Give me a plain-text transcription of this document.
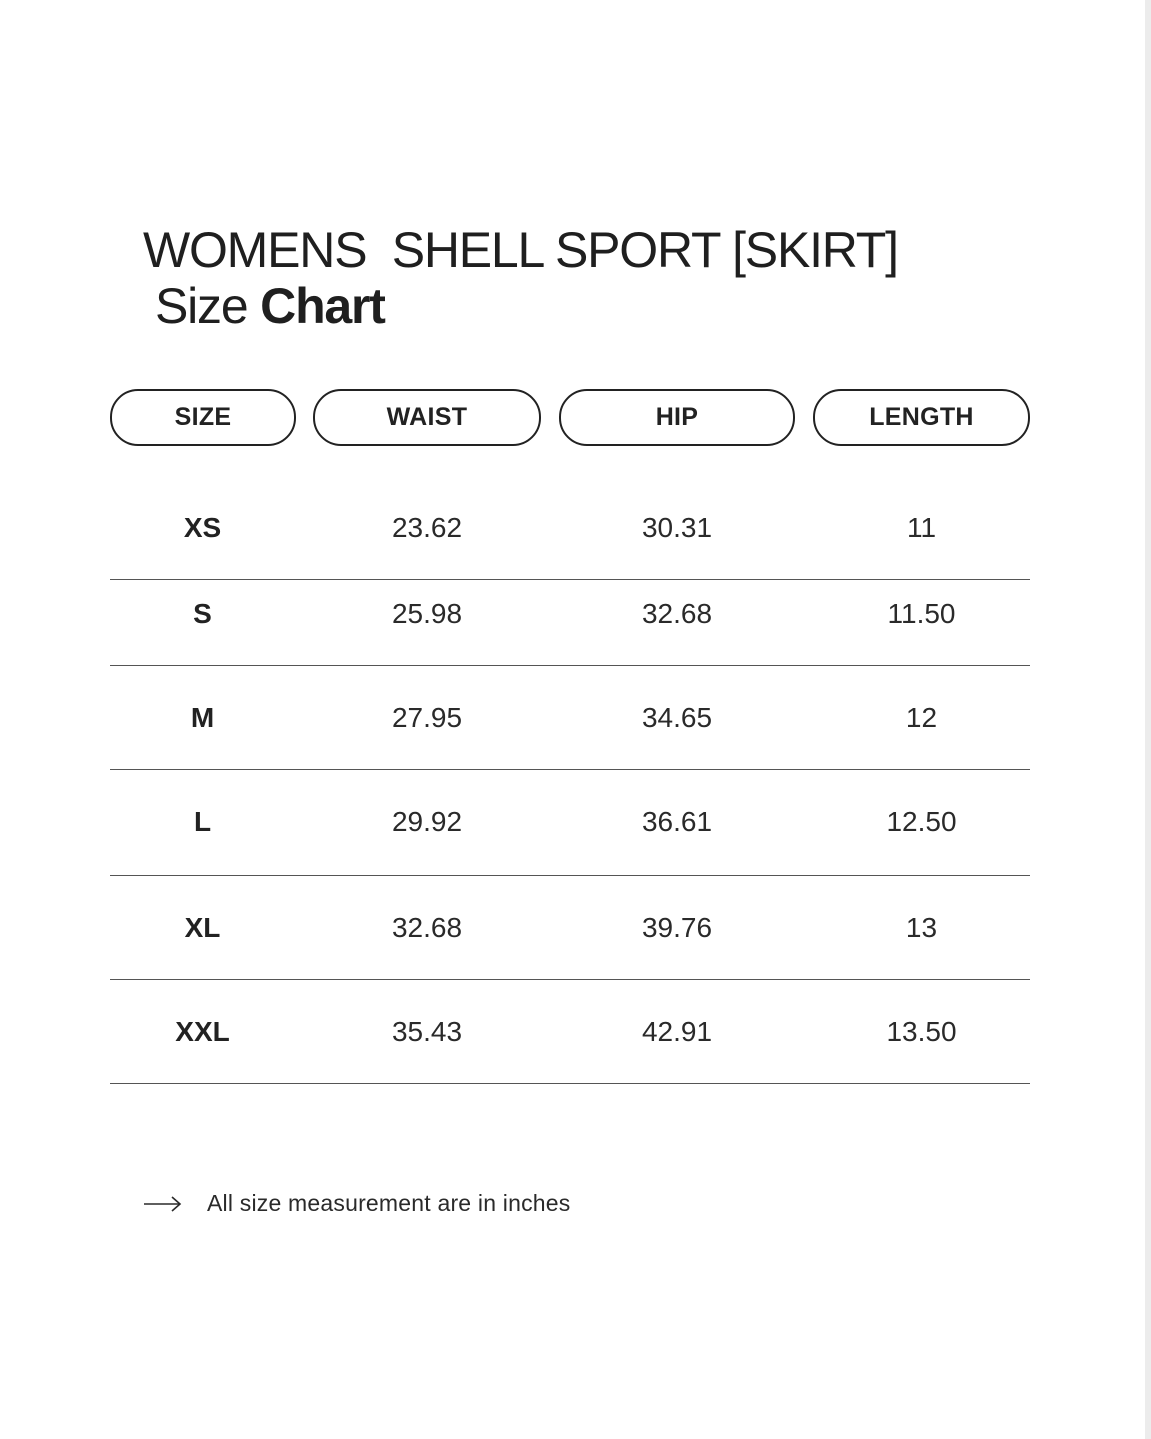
WOMENS  SHELL SPORT [SKIRT]
Size Chart
SIZE	WAIST	HIP	LENGTH
XS	23.62	30.31	11
S	25.98	32.68	11.50
M	27.95	34.65	12
L	29.92	36.61	12.50
XL	32.68	39.76	13
XXL	35.43	42.91	13.50
All size measurement are in inches
